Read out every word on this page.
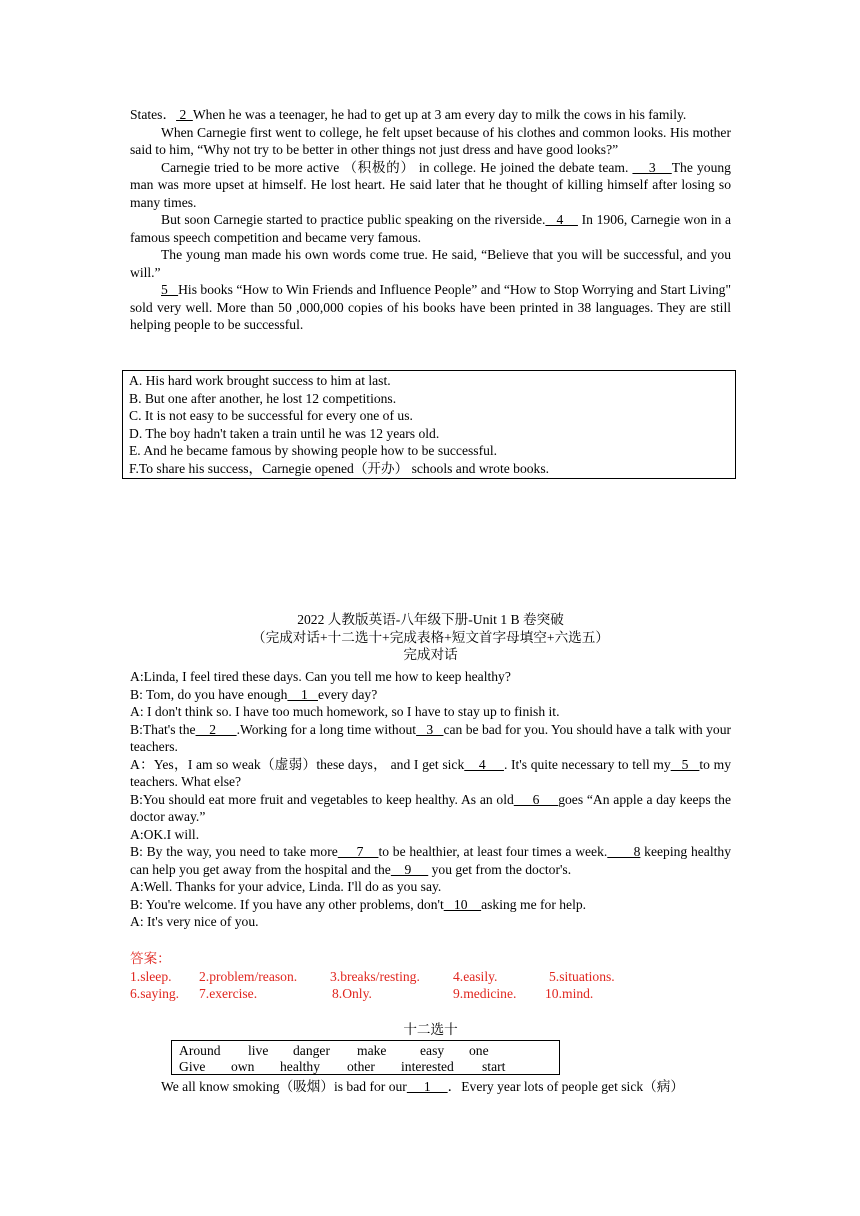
States． 2  When he was a teenager, he had to get up at 3 am every day to milk the cows in his family.

When Carnegie first went to college, he felt upset because of his clothes and common looks. His mother said to him, “Why not try to be better in other things not just dress and have good looks?”

Carnegie tried to be more active （积极的） in college. He joined the debate team.     3    The young man was more upset at himself. He lost heart. He said later that he thought of killing himself after losing so many times.

But soon Carnegie started to practice public speaking on the riverside.   4     In 1906, Carnegie won in a famous speech competition and became very famous.

The young man made his own words come true. He said, “Believe that you will be successful, and you will.”

5   His books “How to Win Friends and Influence People” and “How to Stop Worrying and Start Living" sold very well. More than 50 ,000,000 copies of his books have been printed in 38 languages. They are still helping people to be successful.

A. His hard work brought success to him at last.

B. But one after another, he lost 12 competitions.

C. It is not easy to be successful for every one of us.

D. The boy hadn't taken a train until he was 12 years old.

E. And he became famous by showing people how to be successful.

F.To share his success，Carnegie opened（开办） schools and wrote books.

2022 人教版英语-八年级下册-Unit 1 B 卷突破

（完成对话+十二选十+完成表格+短文首字母填空+六选五）

完成对话

A:Linda, I feel tired these days. Can you tell me how to keep healthy?

B: Tom, do you have enough    1   every day?

A: I don't think so. I have too much homework, so I have to stay up to finish it.

B:That's the    2      .Working for a long time without   3   can be bad for you. You should have a talk with your teachers.

A：Yes，I am so weak（虚弱）these days， and I get sick    4     . It's quite necessary to tell my   5   to my teachers. What else?

B:You should eat more fruit and vegetables to keep healthy. As an old     6     goes “An apple a day keeps the doctor away.”

A:OK.I will.

B: By the way, you need to take more     7    to be healthier, at least four times a week.       8 keeping healthy can help you get away from the hospital and the    9      you get from the doctor's.

A:Well. Thanks for your advice, Linda. I'll do as you say.

B: You're welcome. If you have any other problems, don't   10    asking me for help.

A: It's very nice of you.

答案：

1.sleep. 2.problem/reason. 3.breaks/resting. 4.easily.	5.situations.
6.saying. 7.exercise.	8.Only.	9.medicine. 10.mind.

十二选十

Around live danger make easy one
Give own healthy other interested start

We all know smoking（吸烟）is bad for our     1     ．Every year lots of people get sick（病）
